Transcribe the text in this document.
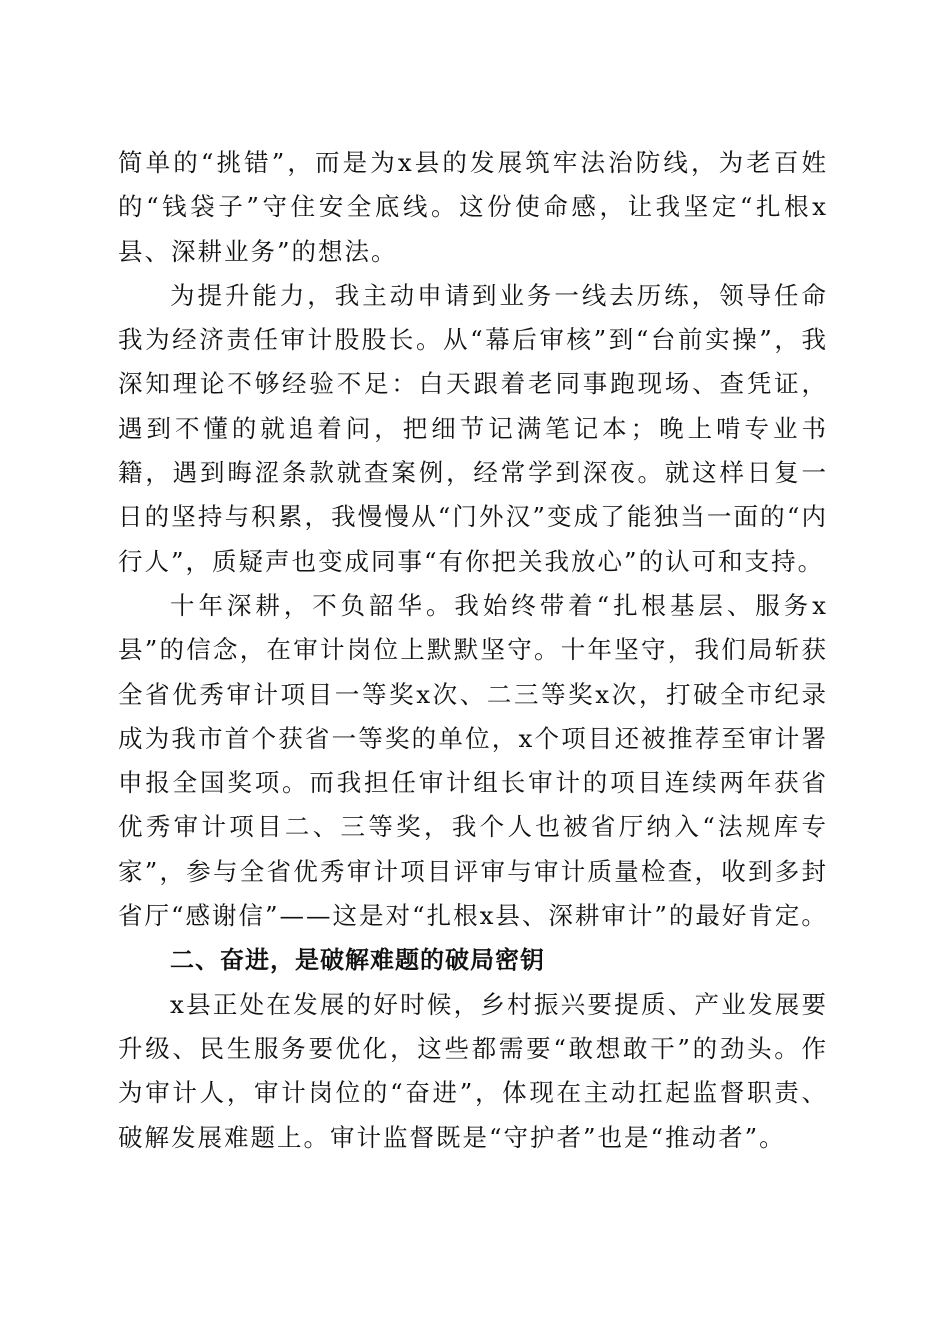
简单的“挑错”，而是为x县的发展筑牢法治防线，为老百姓的“钱袋子”守住安全底线。这份使命感，让我坚定“扎根x县、深耕业务”的想法。

为提升能力，我主动申请到业务一线去历练，领导任命我为经济责任审计股股长。从“幕后审核”到“台前实操”，我深知理论不够经验不足：白天跟着老同事跑现场、查凭证，遇到不懂的就追着问，把细节记满笔记本；晚上啃专业书籍，遇到晦涩条款就查案例，经常学到深夜。就这样日复一日的坚持与积累，我慢慢从“门外汉”变成了能独当一面的“内行人”，质疑声也变成同事“有你把关我放心”的认可和支持。

十年深耕，不负韶华。我始终带着“扎根基层、服务x县”的信念，在审计岗位上默默坚守。十年坚守，我们局斩获全省优秀审计项目一等奖x次、二三等奖x次，打破全市纪录成为我市首个获省一等奖的单位，x个项目还被推荐至审计署申报全国奖项。而我担任审计组长审计的项目连续两年获省优秀审计项目二、三等奖，我个人也被省厅纳入“法规库专家”，参与全省优秀审计项目评审与审计质量检查，收到多封省厅“感谢信”——这是对“扎根x县、深耕审计”的最好肯定。

二、奋进，是破解难题的破局密钥

x县正处在发展的好时候，乡村振兴要提质、产业发展要升级、民生服务要优化，这些都需要“敢想敢干”的劲头。作为审计人，审计岗位的“奋进”，体现在主动扛起监督职责、破解发展难题上。审计监督既是“守护者”也是“推动者”。
